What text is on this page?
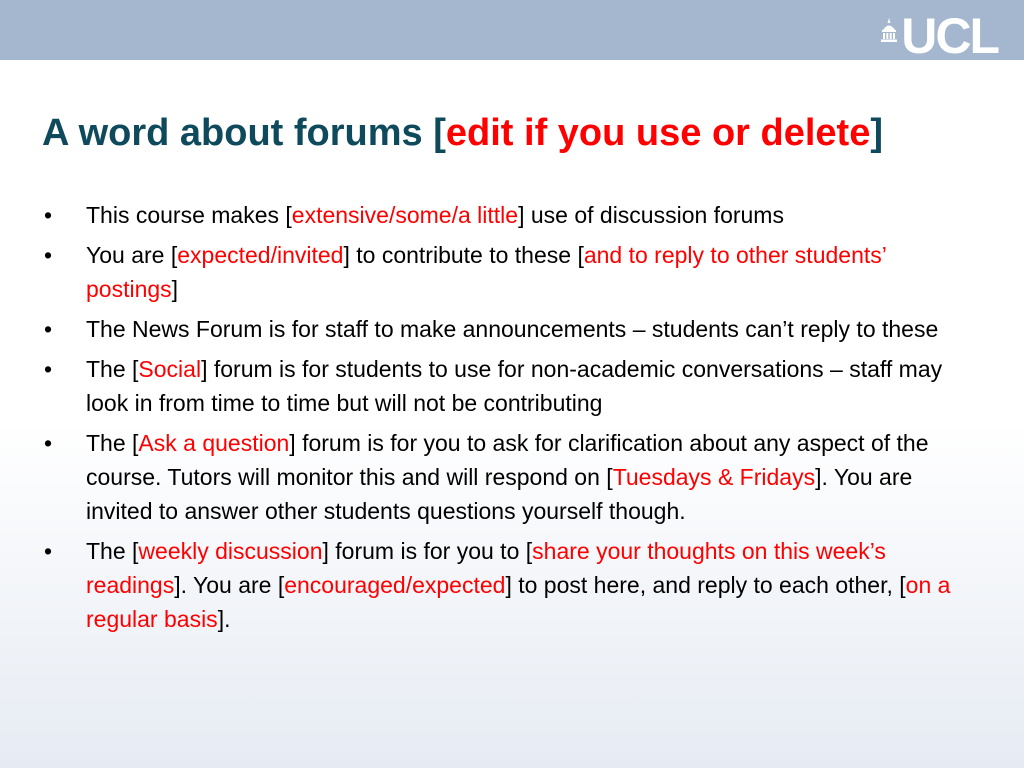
UCL
A word about forums [edit if you use or delete]
• This course makes [extensive/some/a little] use of discussion forums
• You are [expected/invited] to contribute to these [and to reply to other students’ postings]
• The News Forum is for staff to make announcements – students can’t reply to these
• The [Social] forum is for students to use for non-academic conversations – staff may look in from time to time but will not be contributing
• The [Ask a question] forum is for you to ask for clarification about any aspect of the course. Tutors will monitor this and will respond on [Tuesdays & Fridays]. You are invited to answer other students questions yourself though.
• The [weekly discussion] forum is for you to [share your thoughts on this week’s readings]. You are [encouraged/expected] to post here, and reply to each other, [on a regular basis].
